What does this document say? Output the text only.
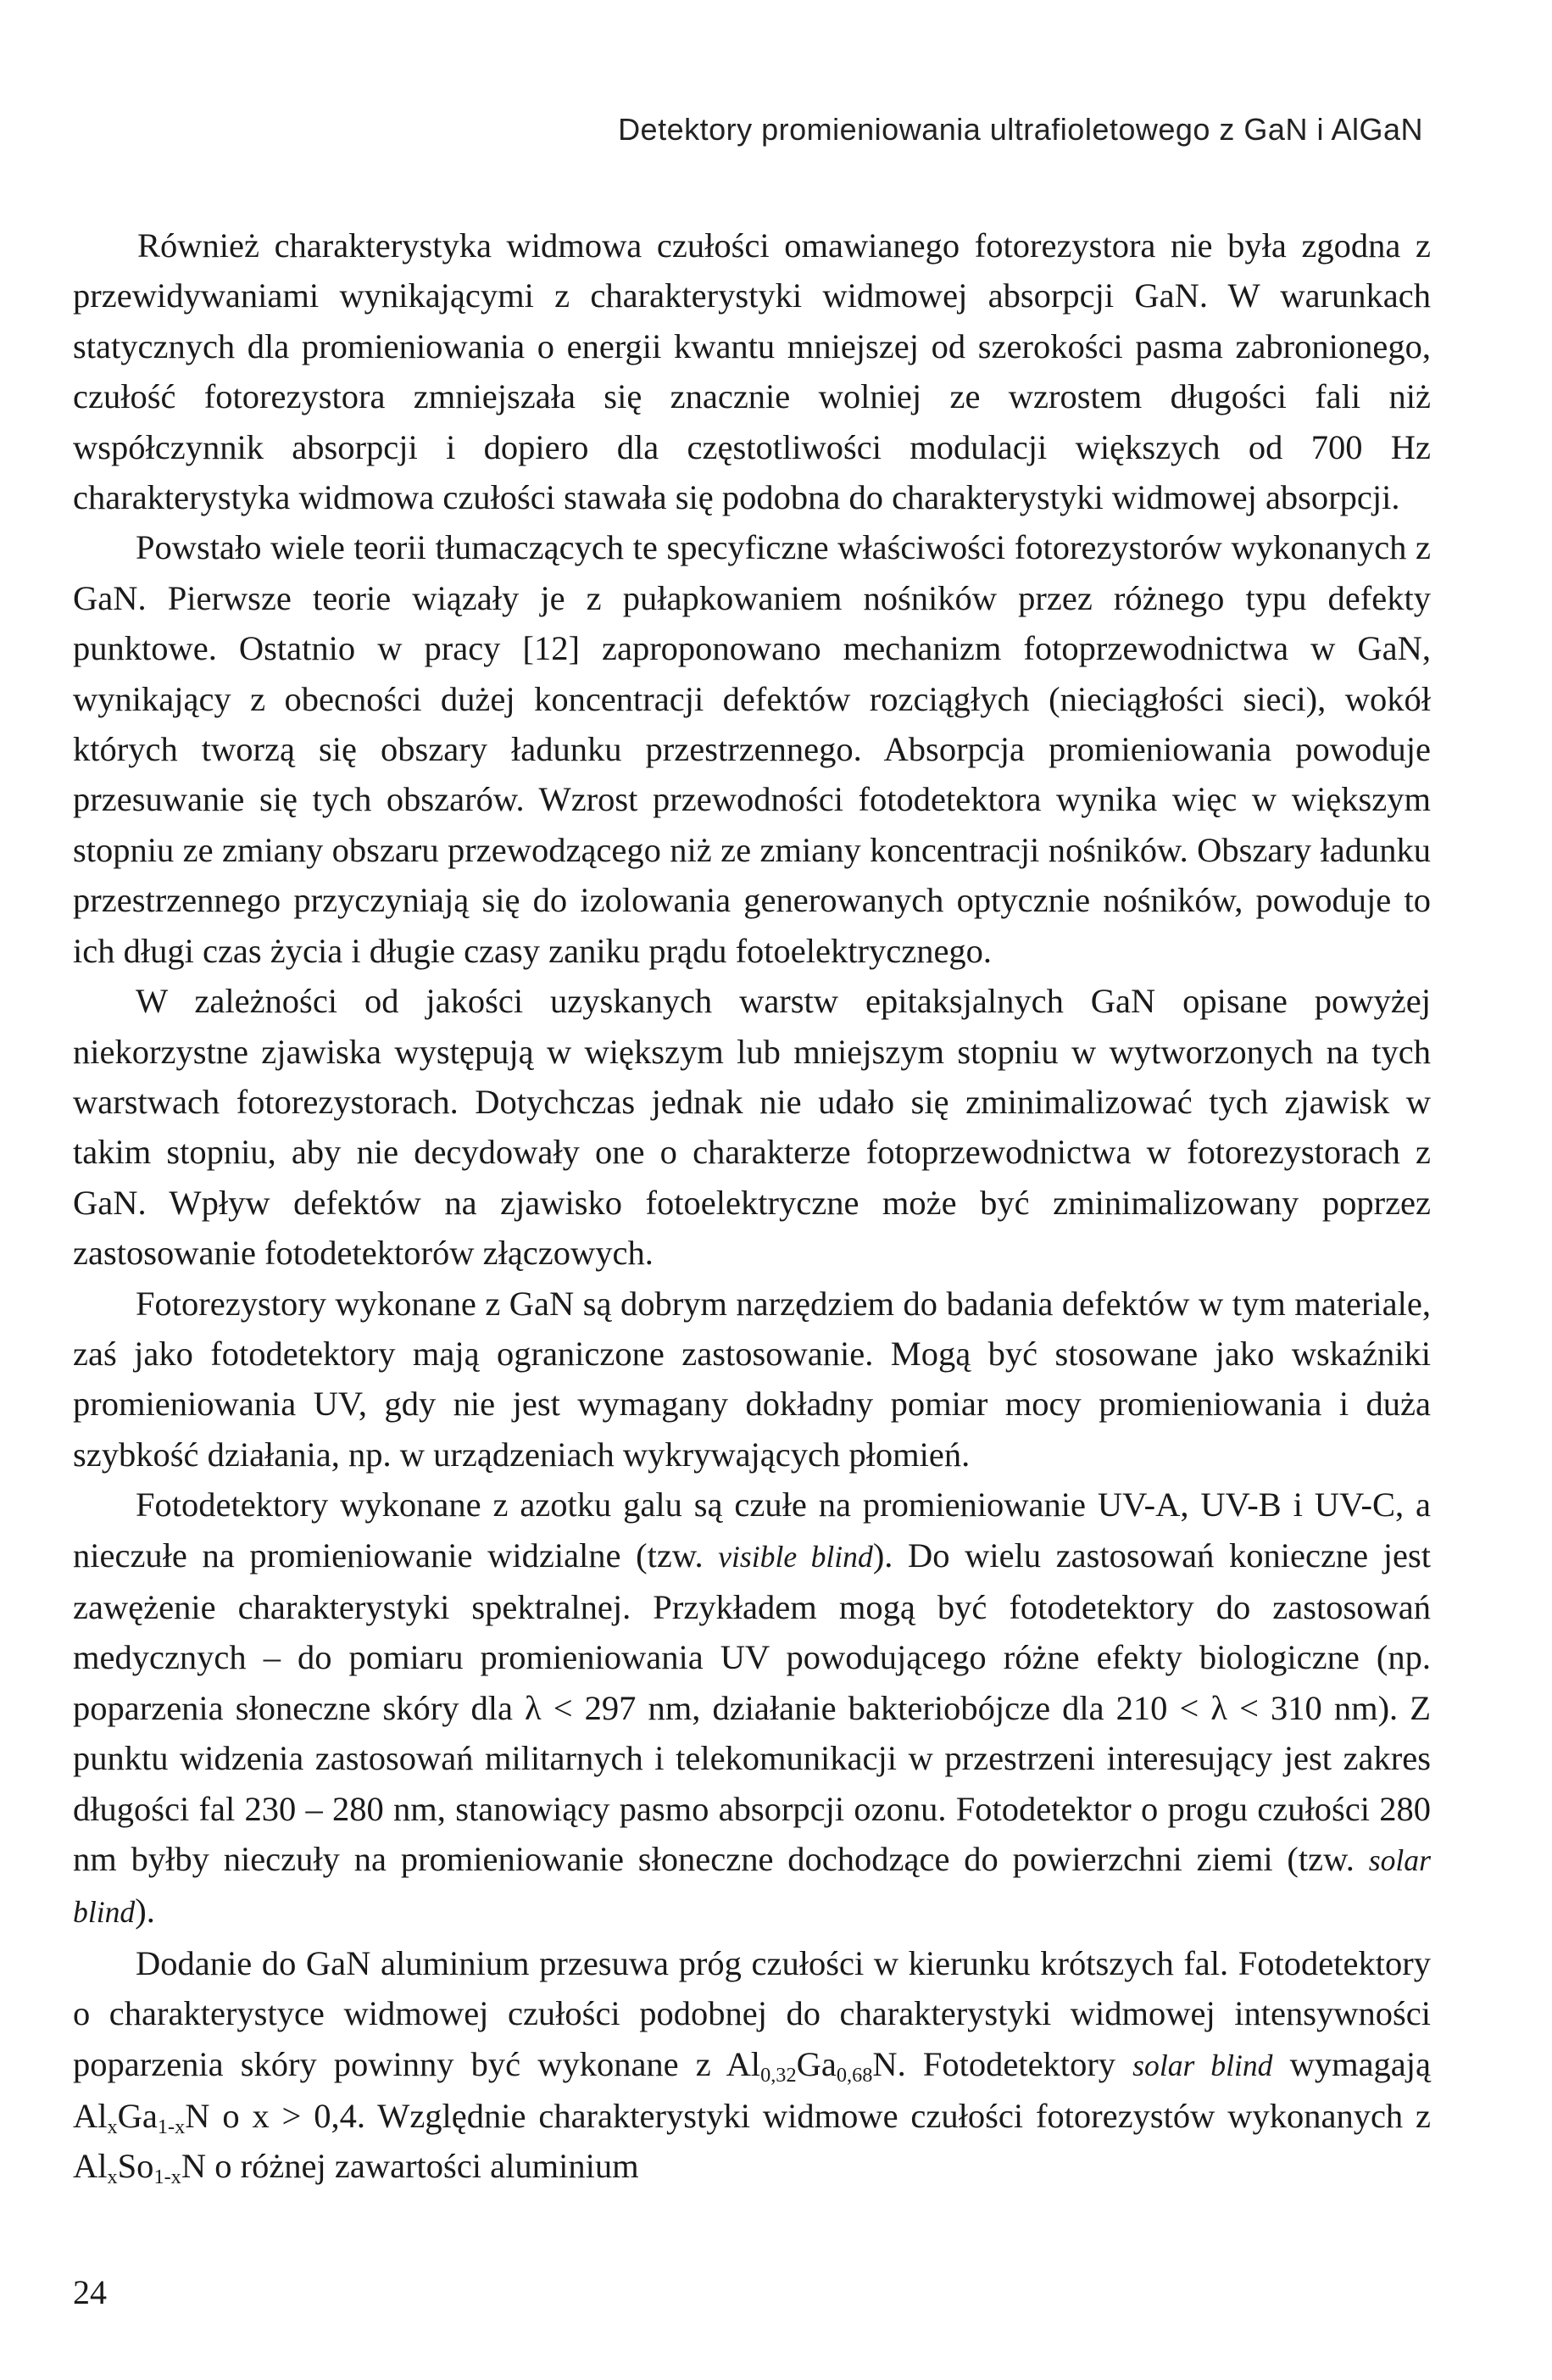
Detektory promieniowania ultrafioletowego z GaN i AlGaN

Również charakterystyka widmowa czułości omawianego fotorezystora nie była zgodna z przewidywaniami wynikającymi z charakterystyki widmowej absorpcji GaN. W warunkach statycznych dla promieniowania o energii kwantu mniejszej od szerokości pasma zabronionego, czułość fotorezystora zmniejszała się znacznie wolniej ze wzrostem długości fali niż współczynnik absorpcji i dopiero dla częstotliwości modulacji większych od 700 Hz charakterystyka widmowa czułości stawała się podobna do charakterystyki widmowej absorpcji.

Powstało wiele teorii tłumaczących te specyficzne właściwości fotorezystorów wykonanych z GaN. Pierwsze teorie wiązały je z pułapkowaniem nośników przez różnego typu defekty punktowe. Ostatnio w pracy [12] zaproponowano mechanizm fotoprzewodnictwa w GaN, wynikający z obecności dużej koncentracji defektów rozciągłych (nieciągłości sieci), wokół których tworzą się obszary ładunku przestrzennego. Absorpcja promieniowania powoduje przesuwanie się tych obszarów. Wzrost przewodności fotodetektora wynika więc w większym stopniu ze zmiany obszaru przewodzącego niż ze zmiany koncentracji nośników. Obszary ładunku przestrzennego przyczyniają się do izolowania generowanych optycznie nośników, powoduje to ich długi czas życia i długie czasy zaniku prądu fotoelektrycznego.

W zależności od jakości uzyskanych warstw epitaksjalnych GaN opisane powyżej niekorzystne zjawiska występują w większym lub mniejszym stopniu w wytworzonych na tych warstwach fotorezystorach. Dotychczas jednak nie udało się zminimalizować tych zjawisk w takim stopniu, aby nie decydowały one o charakterze fotoprzewodnictwa w fotorezystorach z GaN. Wpływ defektów na zjawisko fotoelektryczne może być zminimalizowany poprzez zastosowanie fotodetektorów złączowych.

Fotorezystory wykonane z GaN są dobrym narzędziem do badania defektów w tym materiale, zaś jako fotodetektory mają ograniczone zastosowanie. Mogą być stosowane jako wskaźniki promieniowania UV, gdy nie jest wymagany dokładny pomiar mocy promieniowania i duża szybkość działania, np. w urządzeniach wykrywających płomień.

Fotodetektory wykonane z azotku galu są czułe na promieniowanie UV-A, UV-B i UV-C, a nieczułe na promieniowanie widzialne (tzw. visible blind). Do wielu zastosowań konieczne jest zawężenie charakterystyki spektralnej. Przykładem mogą być fotodetektory do zastosowań medycznych – do pomiaru promieniowania UV powodującego różne efekty biologiczne (np. poparzenia słoneczne skóry dla λ < 297 nm, działanie bakteriobójcze dla 210 < λ < 310 nm). Z punktu widzenia zastosowań militarnych i telekomunikacji w przestrzeni interesujący jest zakres długości fal 230 – 280 nm, stanowiący pasmo absorpcji ozonu. Fotodetektor o progu czułości 280 nm byłby nieczuły na promieniowanie słoneczne dochodzące do powierzchni ziemi (tzw. solar blind).

Dodanie do GaN aluminium przesuwa próg czułości w kierunku krótszych fal. Fotodetektory o charakterystyce widmowej czułości podobnej do charakterystyki widmowej intensywności poparzenia skóry powinny być wykonane z $Al_{0,32}Ga_{0,68}N$. Fotodetektory solar blind wymagają $Al_xGa_{1-x}N$ o x > 0,4. Względnie charakterystyki widmowe czułości fotorezystów wykonanych z $Al_xSo_{1-x}N$ o różnej zawartości aluminium

24
